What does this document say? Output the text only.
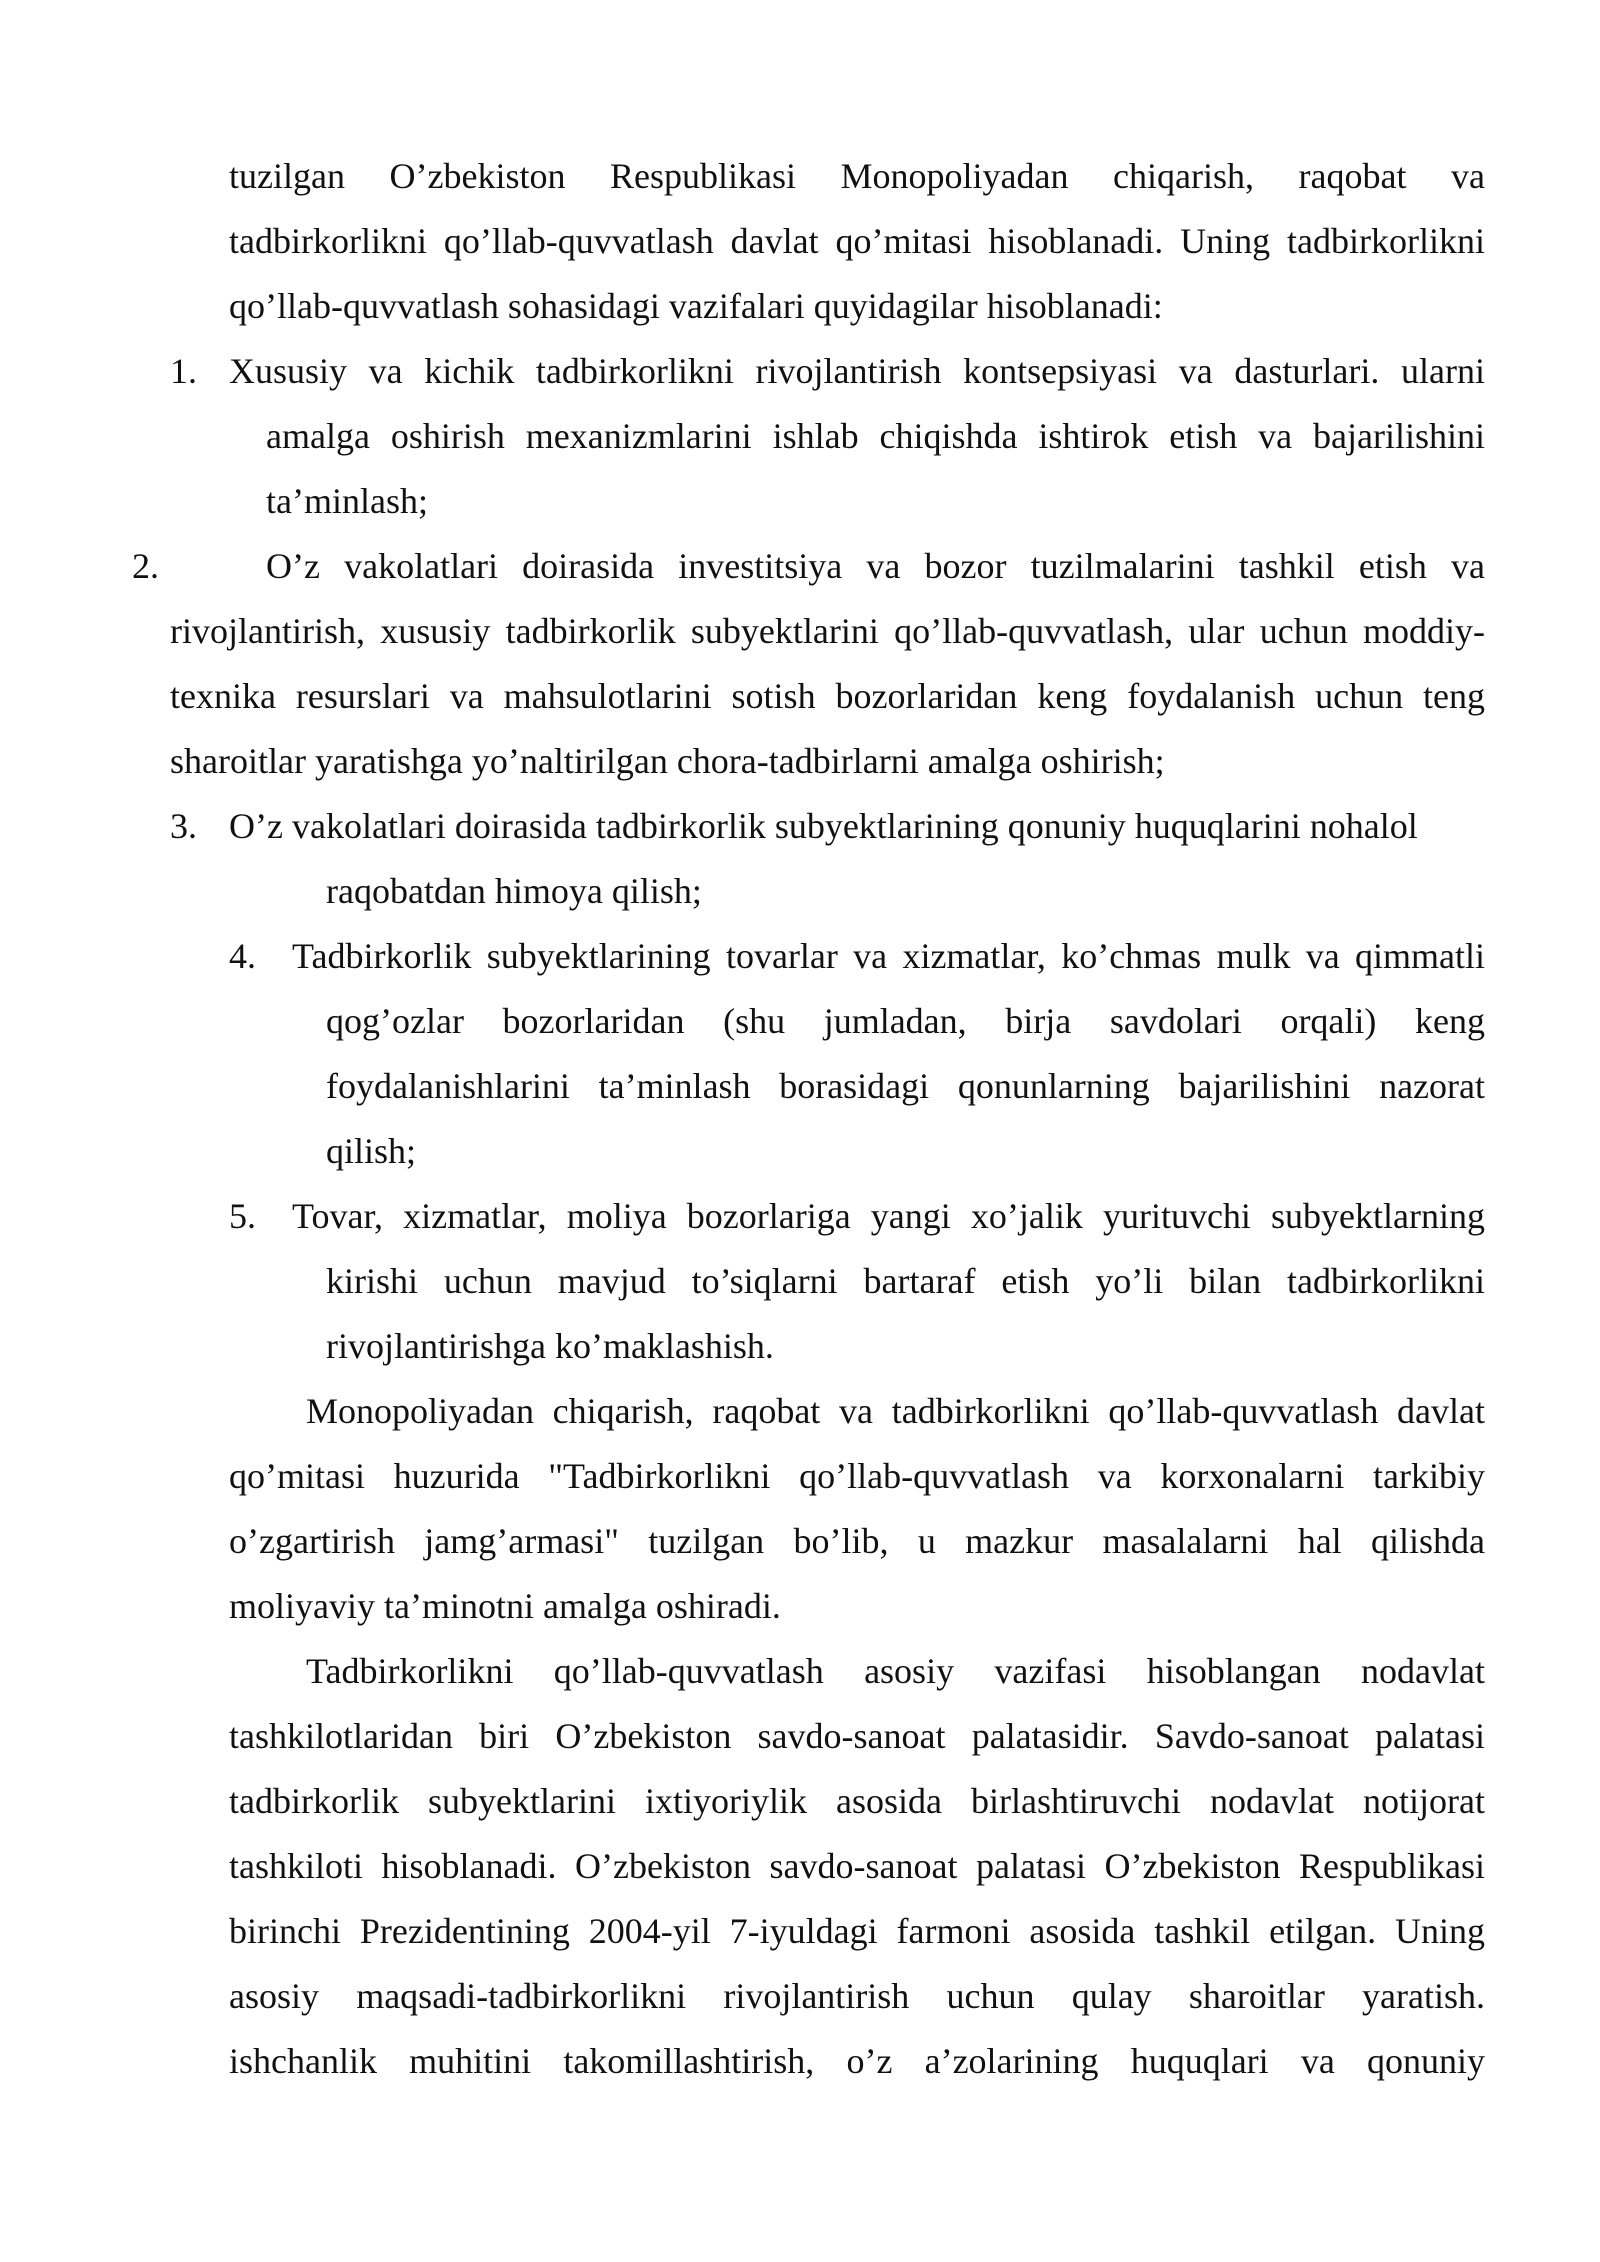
tuzilgan O’zbekiston Respublikasi Monopoliyadan chiqarish, raqobat va
tadbirkorlikni qo’llab-quvvatlash davlat qo’mitasi hisoblanadi. Uning tadbirkorlikni
qo’llab-quvvatlash sohasidagi vazifalari quyidagilar hisoblanadi:
1. Xususiy va kichik tadbirkorlikni rivojlantirish kontsepsiyasi va dasturlari. ularni
amalga oshirish mexanizmlarini ishlab chiqishda ishtirok etish va bajarilishini
ta’minlash;
2.	O’z vakolatlari doirasida investitsiya va bozor tuzilmalarini tashkil etish va
rivojlantirish, xususiy tadbirkorlik subyektlarini qo’llab-quvvatlash, ular uchun moddiy-
texnika resurslari va mahsulotlarini sotish bozorlaridan keng foydalanish uchun teng
sharoitlar yaratishga yo’naltirilgan chora-tadbirlarni amalga oshirish;
3. O’z vakolatlari doirasida tadbirkorlik subyektlarining qonuniy huquqlarini nohalol
raqobatdan himoya qilish;
4. Tadbirkorlik subyektlarining tovarlar va xizmatlar, ko’chmas mulk va qimmatli
qog’ozlar bozorlaridan (shu jumladan, birja savdolari orqali) keng
foydalanishlarini ta’minlash borasidagi qonunlarning bajarilishini nazorat
qilish;
5. Tovar, xizmatlar, moliya bozorlariga yangi xo’jalik yurituvchi subyektlarning
kirishi uchun mavjud to’siqlarni bartaraf etish yo’li bilan tadbirkorlikni
rivojlantirishga ko’maklashish.
Monopoliyadan chiqarish, raqobat va tadbirkorlikni qo’llab-quvvatlash davlat
qo’mitasi huzurida "Tadbirkorlikni qo’llab-quvvatlash va korxonalarni tarkibiy
o’zgartirish jamg’armasi" tuzilgan bo’lib, u mazkur masalalarni hal qilishda
moliyaviy ta’minotni amalga oshiradi.
Tadbirkorlikni qo’llab-quvvatlash asosiy vazifasi hisoblangan nodavlat
tashkilotlaridan biri O’zbekiston savdo-sanoat palatasidir. Savdo-sanoat palatasi
tadbirkorlik subyektlarini ixtiyoriylik asosida birlashtiruvchi nodavlat notijorat
tashkiloti hisoblanadi. O’zbekiston savdo-sanoat palatasi O’zbekiston Respublikasi
birinchi Prezidentining 2004-yil 7-iyuldagi farmoni asosida tashkil etilgan. Uning
asosiy maqsadi-tadbirkorlikni rivojlantirish uchun qulay sharoitlar yaratish.
ishchanlik muhitini takomillashtirish, o’z a’zolarining huquqlari va qonuniy
